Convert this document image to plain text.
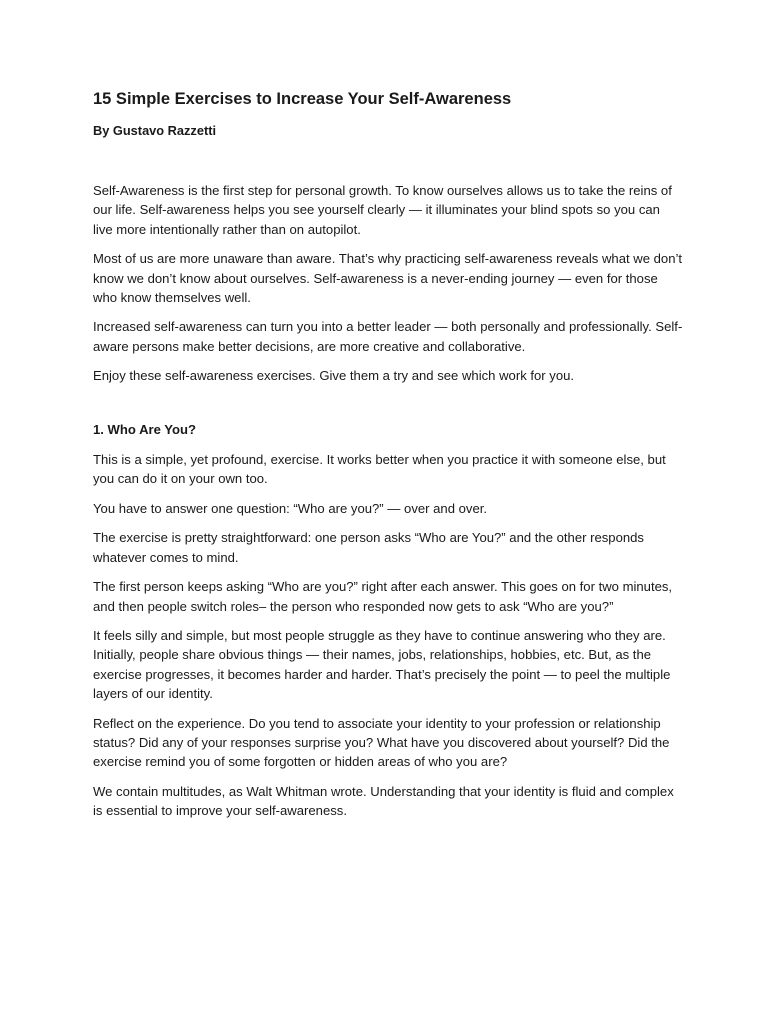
15 Simple Exercises to Increase Your Self-Awareness
By Gustavo Razzetti

Self-Awareness is the first step for personal growth. To know ourselves allows us to take the reins of our life. Self-awareness helps you see yourself clearly — it illuminates your blind spots so you can live more intentionally rather than on autopilot.

Most of us are more unaware than aware. That’s why practicing self-awareness reveals what we don’t know we don’t know about ourselves. Self-awareness is a never-ending journey — even for those who know themselves well.

Increased self-awareness can turn you into a better leader — both personally and professionally. Self-aware persons make better decisions, are more creative and collaborative.

Enjoy these self-awareness exercises. Give them a try and see which work for you.

1. Who Are You?

This is a simple, yet profound, exercise. It works better when you practice it with someone else, but you can do it on your own too.

You have to answer one question: “Who are you?” — over and over.

The exercise is pretty straightforward: one person asks “Who are You?” and the other responds whatever comes to mind.

The first person keeps asking “Who are you?” right after each answer. This goes on for two minutes, and then people switch roles– the person who responded now gets to ask “Who are you?”

It feels silly and simple, but most people struggle as they have to continue answering who they are. Initially, people share obvious things — their names, jobs, relationships, hobbies, etc. But, as the exercise progresses, it becomes harder and harder. That’s precisely the point — to peel the multiple layers of our identity.

Reflect on the experience. Do you tend to associate your identity to your profession or relationship status? Did any of your responses surprise you? What have you discovered about yourself? Did the exercise remind you of some forgotten or hidden areas of who you are?

We contain multitudes, as Walt Whitman wrote. Understanding that your identity is fluid and complex is essential to improve your self-awareness.
